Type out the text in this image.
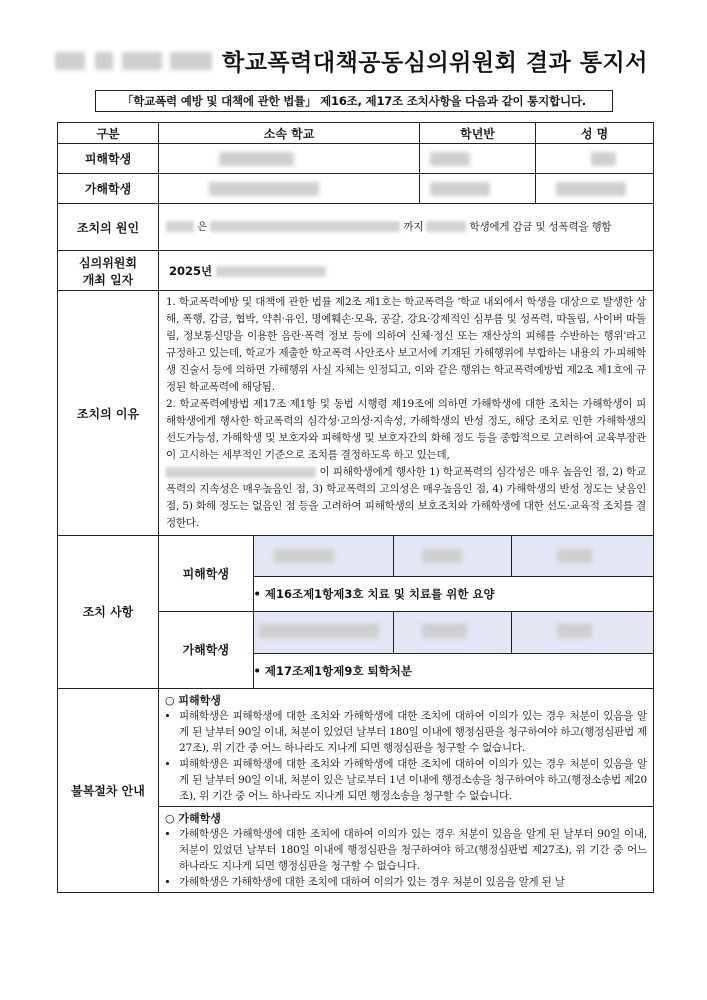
학교폭력대책공동심의위원회 결과 통지서
「학교폭력 예방 및 대책에 관한 법률」 제16조, 제17조 조치사항을 다음과 같이 통지합니다.
구분	소속 학교	학년반	성 명
피해학생	

가해학생	

조치의 원인	은	까지	학생에게 감금 및 성폭력을 행함

심의위원회
개최 일자	
2025년

조치의 이유	
1. 학교폭력예방 및 대책에 관한 법률 제2조 제1호는 학교폭력을 '학교 내외에서 학생을 대상으로 발생한 상해, 폭행, 감금, 협박, 약취·유인, 명예훼손·모욕, 공갈, 강요·강제적인 심부름 및 성폭력, 따돌림, 사이버 따돌림, 정보통신망을 이용한 음란·폭력 정보 등에 의하여 신체·정신 또는 재산상의 피해를 수반하는 행위'라고 규정하고 있는데, 학교가 제출한 학교폭력 사안조사 보고서에 기재된 가해행위에 부합하는 내용의 가·피해학생 진술서 등에 의하면 가해행위 사실 자체는 인정되고, 이와 같은 행위는 학교폭력예방법 제2조 제1호에 규정된 학교폭력에 해당됨.
2. 학교폭력예방법 제17조 제1항 및 동법 시행령 제19조에 의하면 가해학생에 대한 조치는 가해학생이 피해학생에게 행사한 학교폭력의 심각성·고의성·지속성, 가해학생의 반성 정도, 해당 조치로 인한 가해학생의 선도가능성, 가해학생 및 보호자와 피해학생 및 보호자간의 화해 정도 등을 종합적으로 고려하여 교육부장관이 고시하는 세부적인 기준으로 조치를 결정하도록 하고 있는데,
이 피해학생에게 행사한 1) 학교폭력의 심각성은 매우 높음인 점, 2) 학교폭력의 지속성은 매우높음인 점, 3) 학교폭력의 고의성은 매우높음인 점, 4) 가해학생의 반성 정도는 낮음인 점, 5) 화해 정도는 없음인 점 등을 고려하여 피해학생의 보호조치와 가해학생에 대한 선도·교육적 조치를 결정한다.

조치 사항	
피해학생	

• 제16조제1항제3호 치료 및 치료를 위한 요양
가해학생	

• 제17조제1항제9호 퇴학처분

불복절차 안내	
○ 피해학생
• 피해학생은 피해학생에 대한 조치와 가해학생에 대한 조치에 대하여 이의가 있는 경우 처분이 있음을 알게 된 날부터 90일 이내, 처분이 있었던 날부터 180일 이내에 행정심판을 청구하여야 하고(행정심판법 제27조), 위 기간 중 어느 하나라도 지나게 되면 행정심판을 청구할 수 없습니다.
• 피해학생은 피해학생에 대한 조치와 가해학생에 대한 조치에 대하여 이의가 있는 경우 처분이 있음을 알게 된 날부터 90일 이내, 처분이 있은 날로부터 1년 이내에 행정소송을 청구하여야 하고(행정소송법 제20조), 위 기간 중 어느 하나라도 지나게 되면 행정소송을 청구할 수 없습니다.
○ 가해학생
• 가해학생은 가해학생에 대한 조치에 대하여 이의가 있는 경우 처분이 있음을 알게 된 날부터 90일 이내, 처분이 있었던 날부터 180일 이내에 행정심판을 청구하여야 하고(행정심판법 제27조), 위 기간 중 어느 하나라도 지나게 되면 행정심판을 청구할 수 없습니다.
• 가해학생은 가해학생에 대한 조치에 대하여 이의가 있는 경우 처분이 있음을 알게 된 날
